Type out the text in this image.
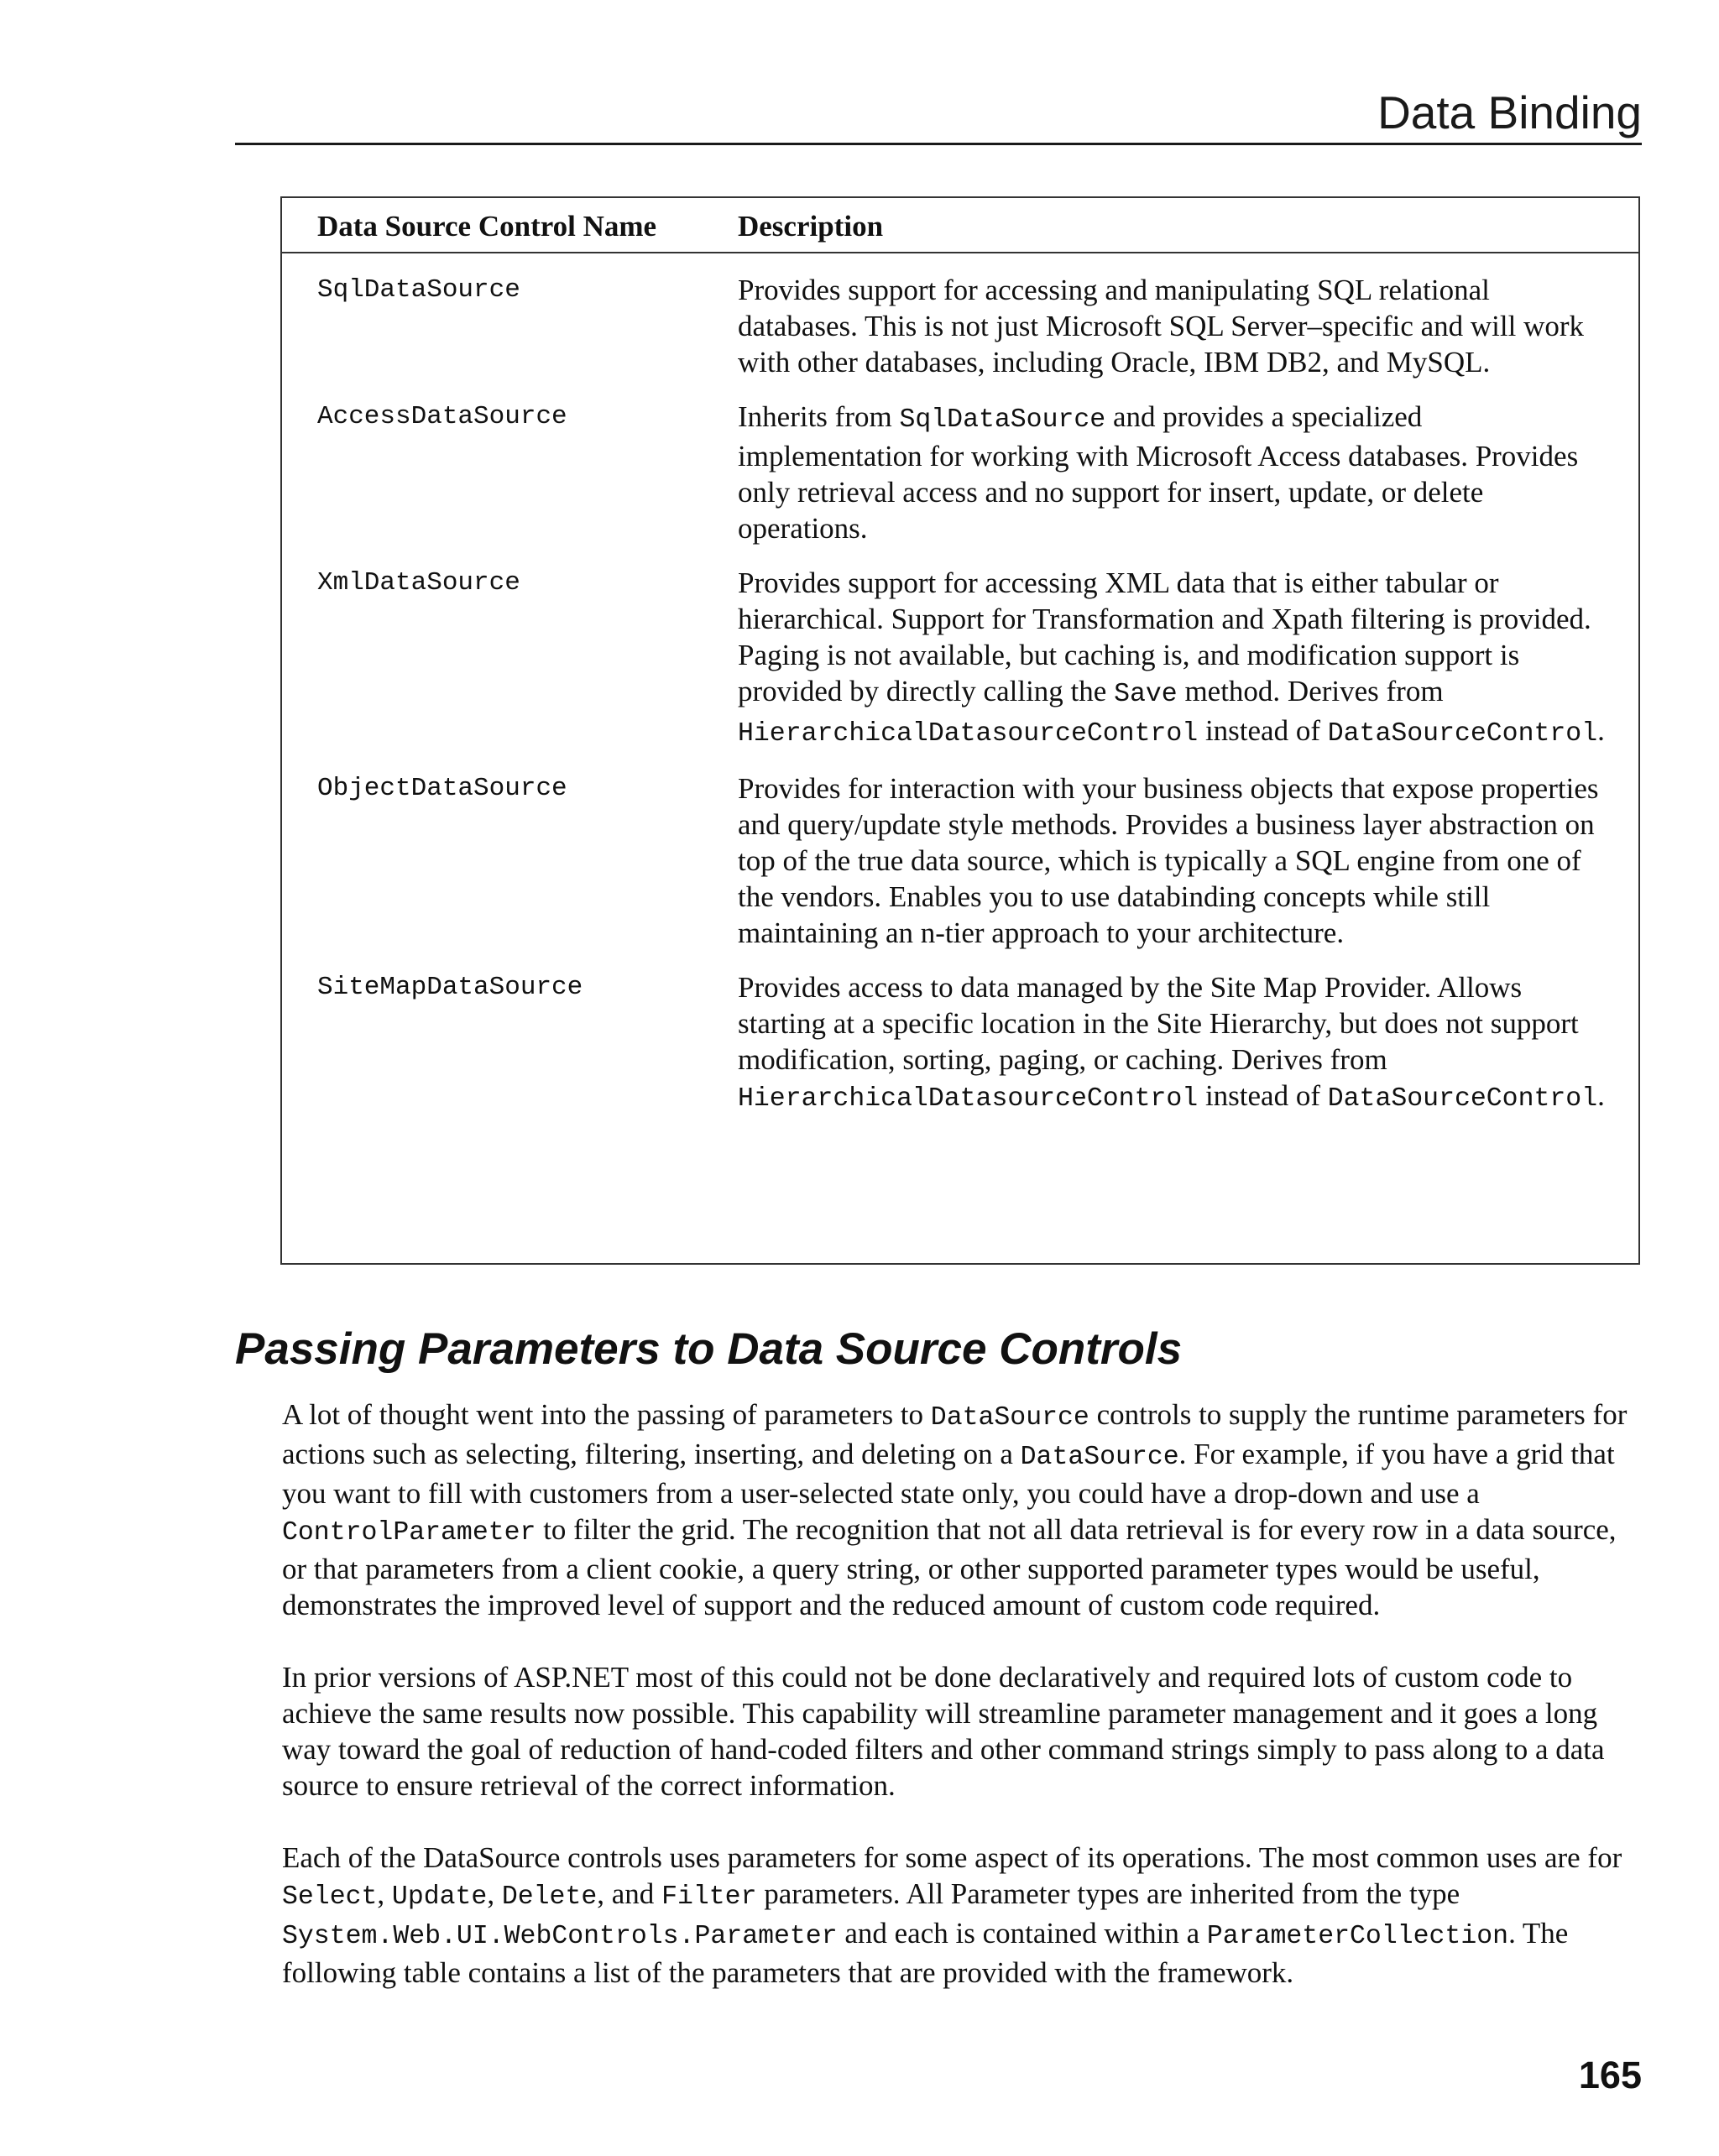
Data Binding
Data Source Control Name	Description
SqlDataSource	Provides support for accessing and manipulating SQL relational databases. This is not just Microsoft SQL Server–specific and will work with other databases, including Oracle, IBM DB2, and MySQL.
AccessDataSource	Inherits from SqlDataSource and provides a specialized implementation for working with Microsoft Access databases. Provides only retrieval access and no support for insert, update, or delete operations.
XmlDataSource	Provides support for accessing XML data that is either tabular or hierarchical. Support for Transformation and Xpath filtering is provided. Paging is not available, but caching is, and modification support is provided by directly calling the Save method. Derives from HierarchicalDatasourceControl instead of DataSourceControl.
ObjectDataSource	Provides for interaction with your business objects that expose properties and query/update style methods. Provides a business layer abstraction on top of the true data source, which is typically a SQL engine from one of the vendors. Enables you to use databinding concepts while still maintaining an n-tier approach to your architecture.
SiteMapDataSource	Provides access to data managed by the Site Map Provider. Allows starting at a specific location in the Site Hierarchy, but does not support modification, sorting, paging, or caching. Derives from HierarchicalDatasourceControl instead of DataSourceControl.
Passing Parameters to Data Source Controls

A lot of thought went into the passing of parameters to DataSource controls to supply the runtime parameters for actions such as selecting, filtering, inserting, and deleting on a DataSource. For example, if you have a grid that you want to fill with customers from a user-selected state only, you could have a drop-down and use a ControlParameter to filter the grid. The recognition that not all data retrieval is for every row in a data source, or that parameters from a client cookie, a query string, or other supported parameter types would be useful, demonstrates the improved level of support and the reduced amount of custom code required.

In prior versions of ASP.NET most of this could not be done declaratively and required lots of custom code to achieve the same results now possible. This capability will streamline parameter management and it goes a long way toward the goal of reduction of hand-coded filters and other command strings simply to pass along to a data source to ensure retrieval of the correct information.

Each of the DataSource controls uses parameters for some aspect of its operations. The most common uses are for Select, Update, Delete, and Filter parameters. All Parameter types are inherited from the type System.Web.UI.WebControls.Parameter and each is contained within a ParameterCollection. The following table contains a list of the parameters that are provided with the framework.

165
